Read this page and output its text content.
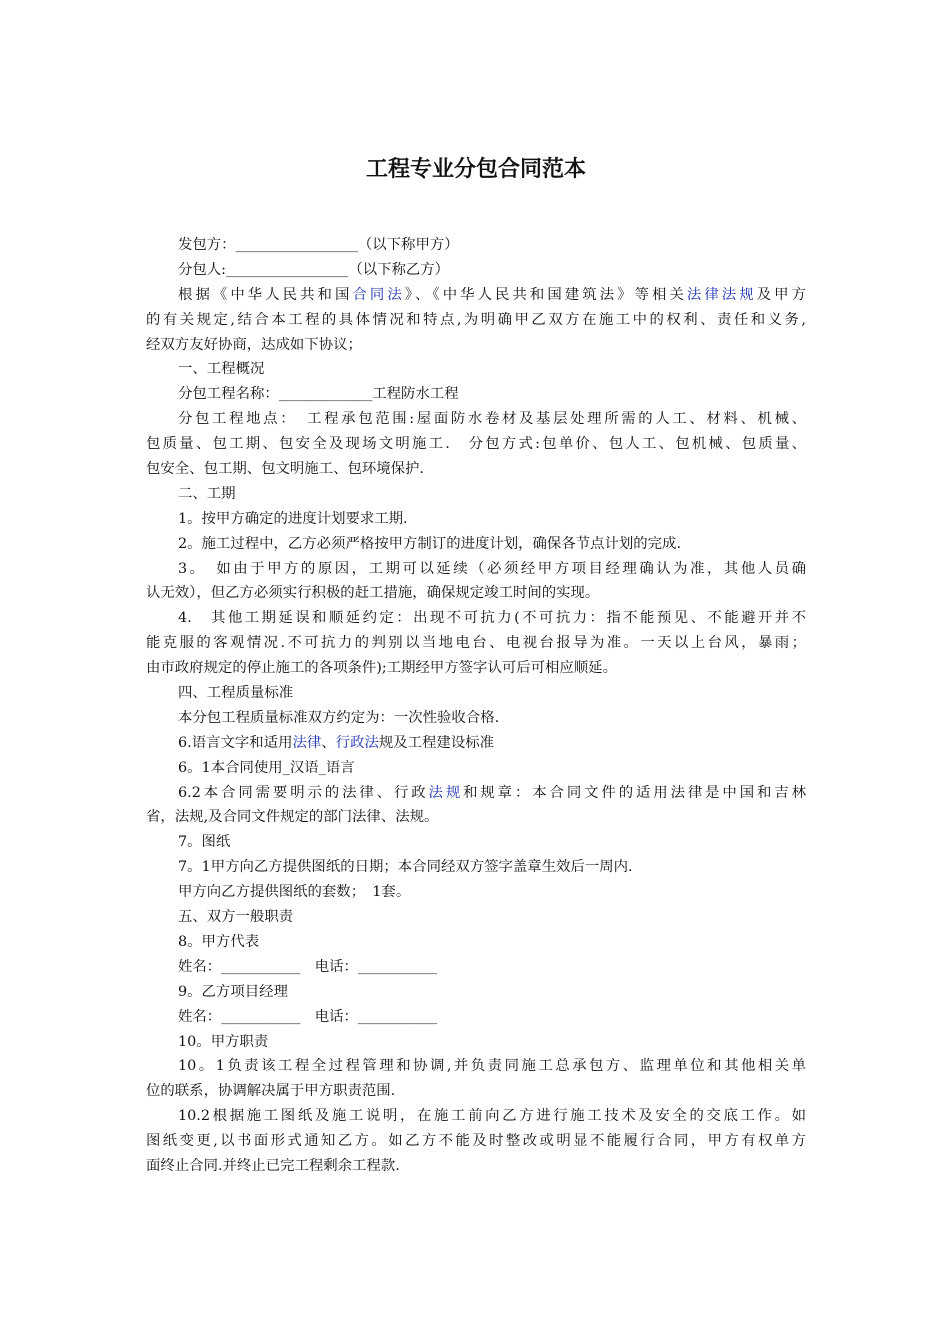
工程专业分包合同范本
发包方：_________________（以下称甲方）
分包人:_________________（以下称乙方）
根据《中华人民共和国合同法》、《中华人民共和国建筑法》等相关法律法规及甲方
的有关规定,结合本工程的具体情况和特点,为明确甲乙双方在施工中的权利、责任和义务,
经双方友好协商，达成如下协议；
一、工程概况
分包工程名称：_____________工程防水工程
分包工程地点：　工程承包范围:屋面防水卷材及基层处理所需的人工、材料、机械、
包质量、包工期、包安全及现场文明施工.　分包方式:包单价、包人工、包机械、包质量、
包安全、包工期、包文明施工、包环境保护.
二、工期
1。按甲方确定的进度计划要求工期.
2。施工过程中，乙方必须严格按甲方制订的进度计划，确保各节点计划的完成.
3。　如由于甲方的原因，工期可以延续（必须经甲方项目经理确认为准，其他人员确
认无效），但乙方必须实行积极的赶工措施，确保规定竣工时间的实现。
4.　其他工期延误和顺延约定：出现不可抗力(不可抗力：指不能预见、不能避开并不
能克服的客观情况.不可抗力的判别以当地电台、电视台报导为准。一天以上台风，暴雨；
由市政府规定的停止施工的各项条件);工期经甲方签字认可后可相应顺延。
四、工程质量标准
本分包工程质量标准双方约定为：一次性验收合格.
6.语言文字和适用法律、行政法规及工程建设标准
6。1本合同使用_汉语_语言
6.2本合同需要明示的法律、行政法规和规章：本合同文件的适用法律是中国和吉林
省，法规,及合同文件规定的部门法律、法规。
7。图纸
7。1甲方向乙方提供图纸的日期；本合同经双方签字盖章生效后一周内.
甲方向乙方提供图纸的套数；　1套。
五、双方一般职责
8。甲方代表
姓名：___________　电话：___________
9。乙方项目经理
姓名：___________　电话：___________
10。甲方职责
10。1负责该工程全过程管理和协调,并负责同施工总承包方、监理单位和其他相关单
位的联系，协调解决属于甲方职责范围.
10.2根据施工图纸及施工说明，在施工前向乙方进行施工技术及安全的交底工作。如
图纸变更,以书面形式通知乙方。如乙方不能及时整改或明显不能履行合同，甲方有权单方
面终止合同.并终止已完工程剩余工程款.
